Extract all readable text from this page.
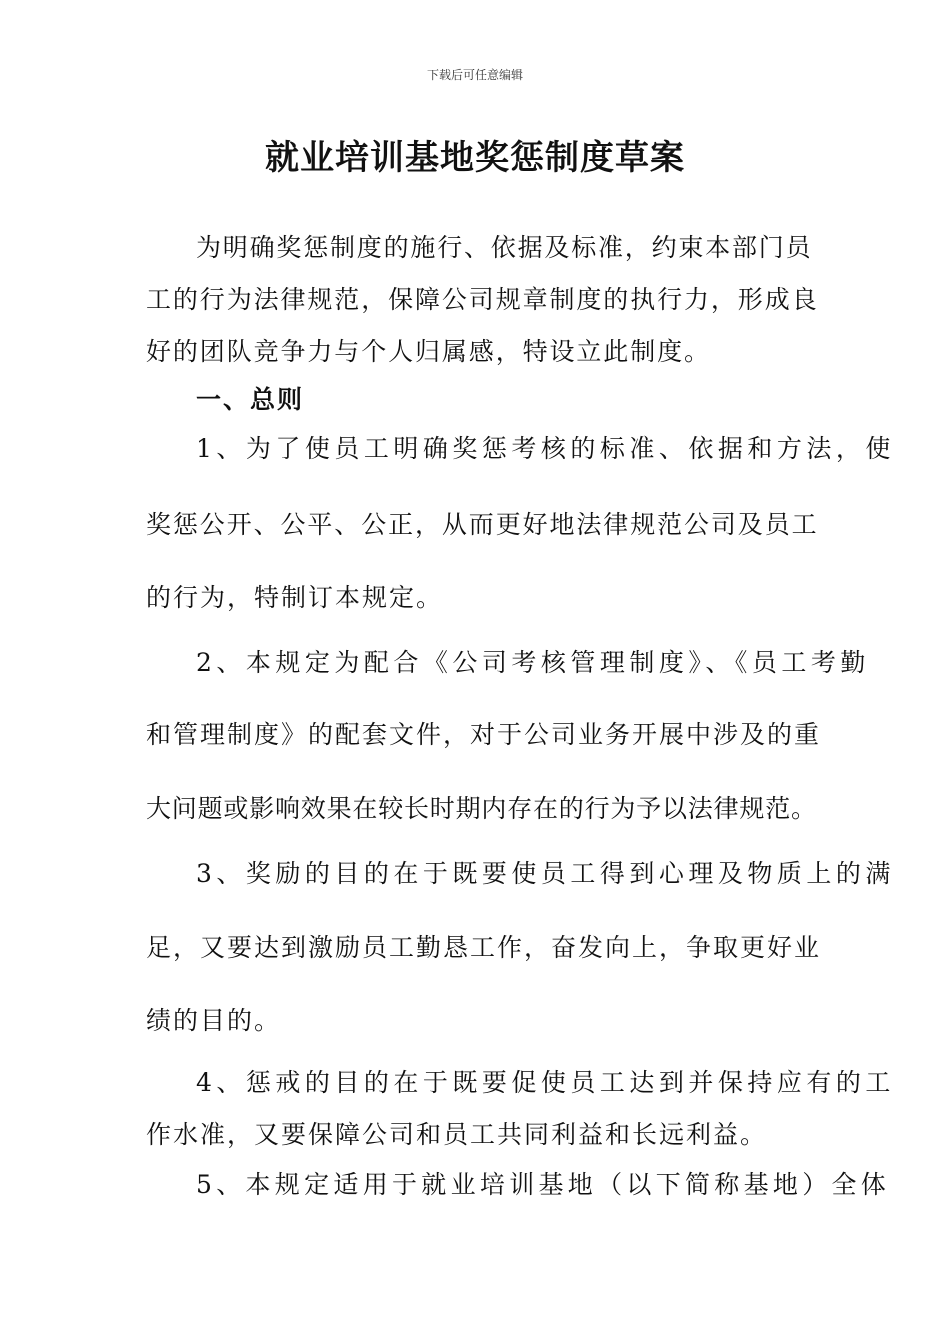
下载后可任意编辑
就业培训基地奖惩制度草案
为明确奖惩制度的施行、依据及标准，约束本部门员
工的行为法律规范，保障公司规章制度的执行力，形成良
好的团队竞争力与个人归属感，特设立此制度。
一、总则
1、为了使员工明确奖惩考核的标准、依据和方法，使
奖惩公开、公平、公正，从而更好地法律规范公司及员工
的行为，特制订本规定。
2、本规定为配合《公司考核管理制度》、《员工考勤
和管理制度》的配套文件，对于公司业务开展中涉及的重
大问题或影响效果在较长时期内存在的行为予以法律规范。
3、奖励的目的在于既要使员工得到心理及物质上的满
足，又要达到激励员工勤恳工作，奋发向上，争取更好业
绩的目的。
4、惩戒的目的在于既要促使员工达到并保持应有的工
作水准，又要保障公司和员工共同利益和长远利益。
5、本规定适用于就业培训基地（以下简称基地）全体
